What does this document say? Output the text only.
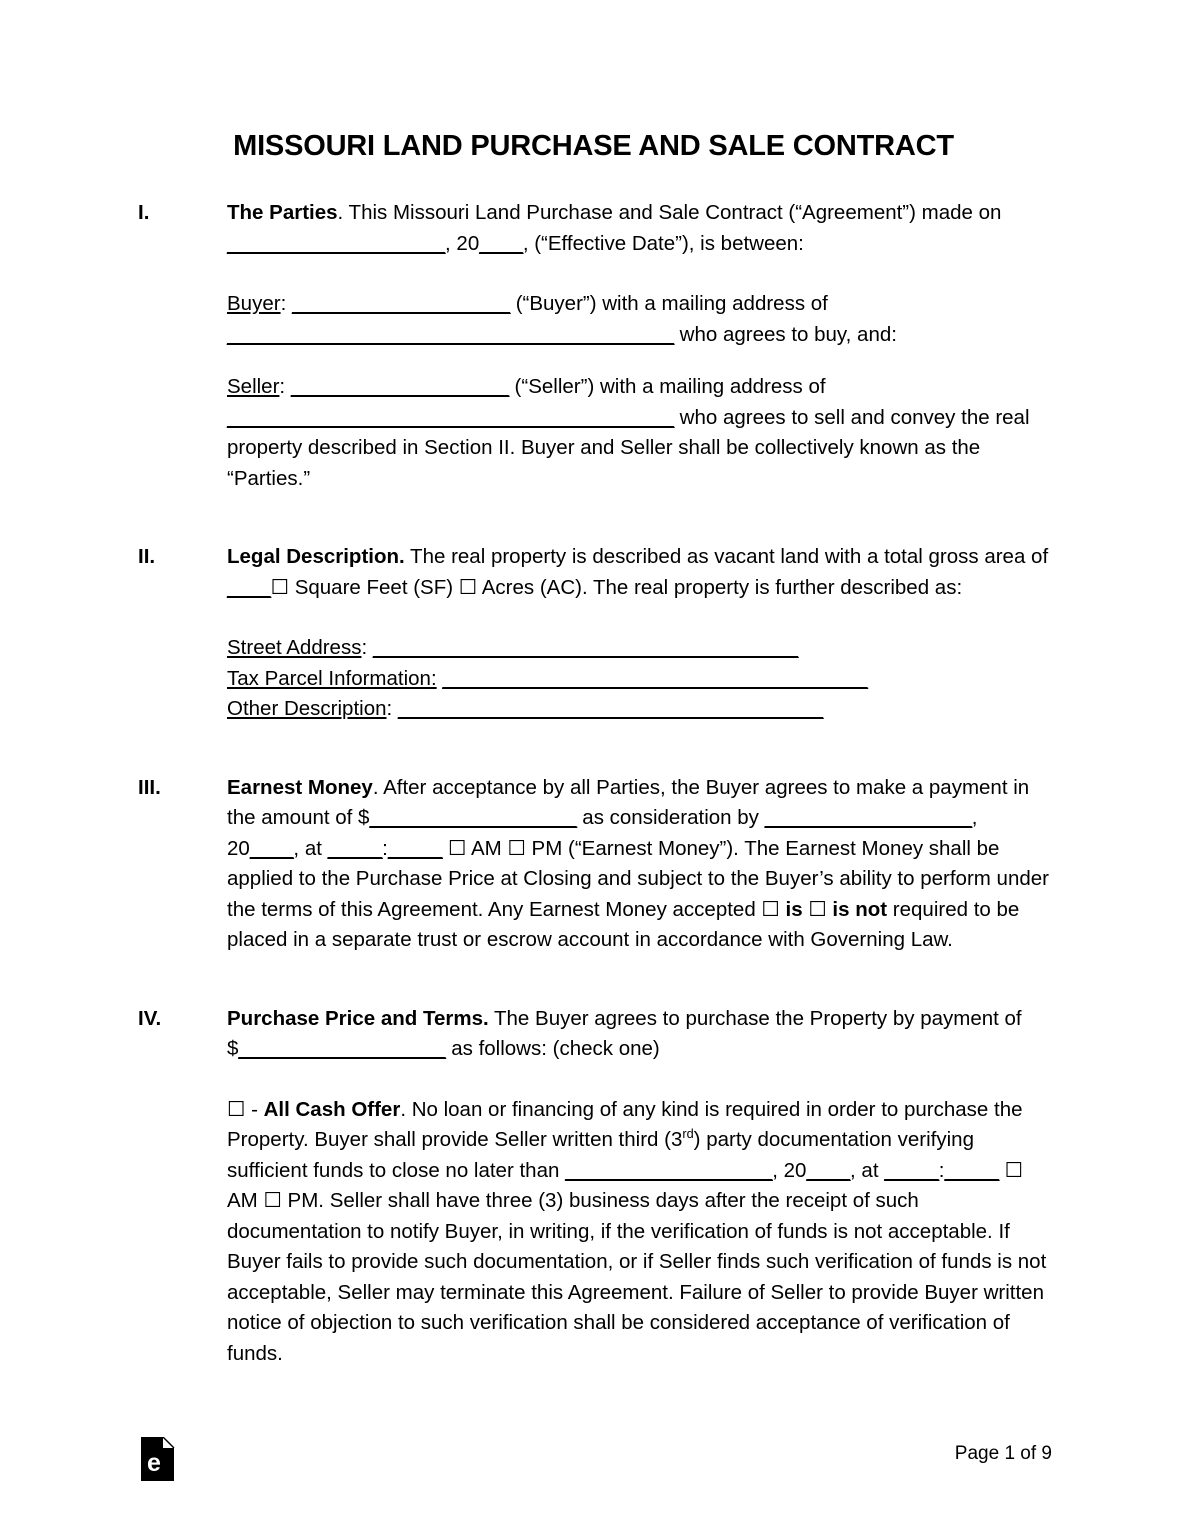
MISSOURI LAND PURCHASE AND SALE CONTRACT
I.	The Parties. This Missouri Land Purchase and Sale Contract (“Agreement”) made on ____________________, 20____, (“Effective Date”), is between:

Buyer: ____________________ (“Buyer”) with a mailing address of _________________________________________ who agrees to buy, and:

Seller: ____________________ (“Seller”) with a mailing address of _________________________________________ who agrees to sell and convey the real property described in Section II. Buyer and Seller shall be collectively known as the “Parties.”

II.	Legal Description. The real property is described as vacant land with a total gross area of ____☐ Square Feet (SF) ☐ Acres (AC). The real property is further described as:

Street Address: _______________________________________

Tax Parcel Information: _______________________________________

Other Description: _______________________________________

III.	Earnest Money. After acceptance by all Parties, the Buyer agrees to make a payment in the amount of $___________________ as consideration by ___________________, 20____, at _____:_____ ☐ AM ☐ PM (“Earnest Money”). The Earnest Money shall be applied to the Purchase Price at Closing and subject to the Buyer’s ability to perform under the terms of this Agreement. Any Earnest Money accepted ☐ is ☐ is not required to be placed in a separate trust or escrow account in accordance with Governing Law.

IV.	Purchase Price and Terms. The Buyer agrees to purchase the Property by payment of $___________________ as follows: (check one)

☐ - All Cash Offer. No loan or financing of any kind is required in order to purchase the Property. Buyer shall provide Seller written third (3rd) party documentation verifying sufficient funds to close no later than ___________________, 20____, at _____:_____ ☐ AM ☐ PM. Seller shall have three (3) business days after the receipt of such documentation to notify Buyer, in writing, if the verification of funds is not acceptable. If Buyer fails to provide such documentation, or if Seller finds such verification of funds is not acceptable, Seller may terminate this Agreement. Failure of Seller to provide Buyer written notice of objection to such verification shall be considered acceptance of verification of funds.

e	Page 1 of 9
